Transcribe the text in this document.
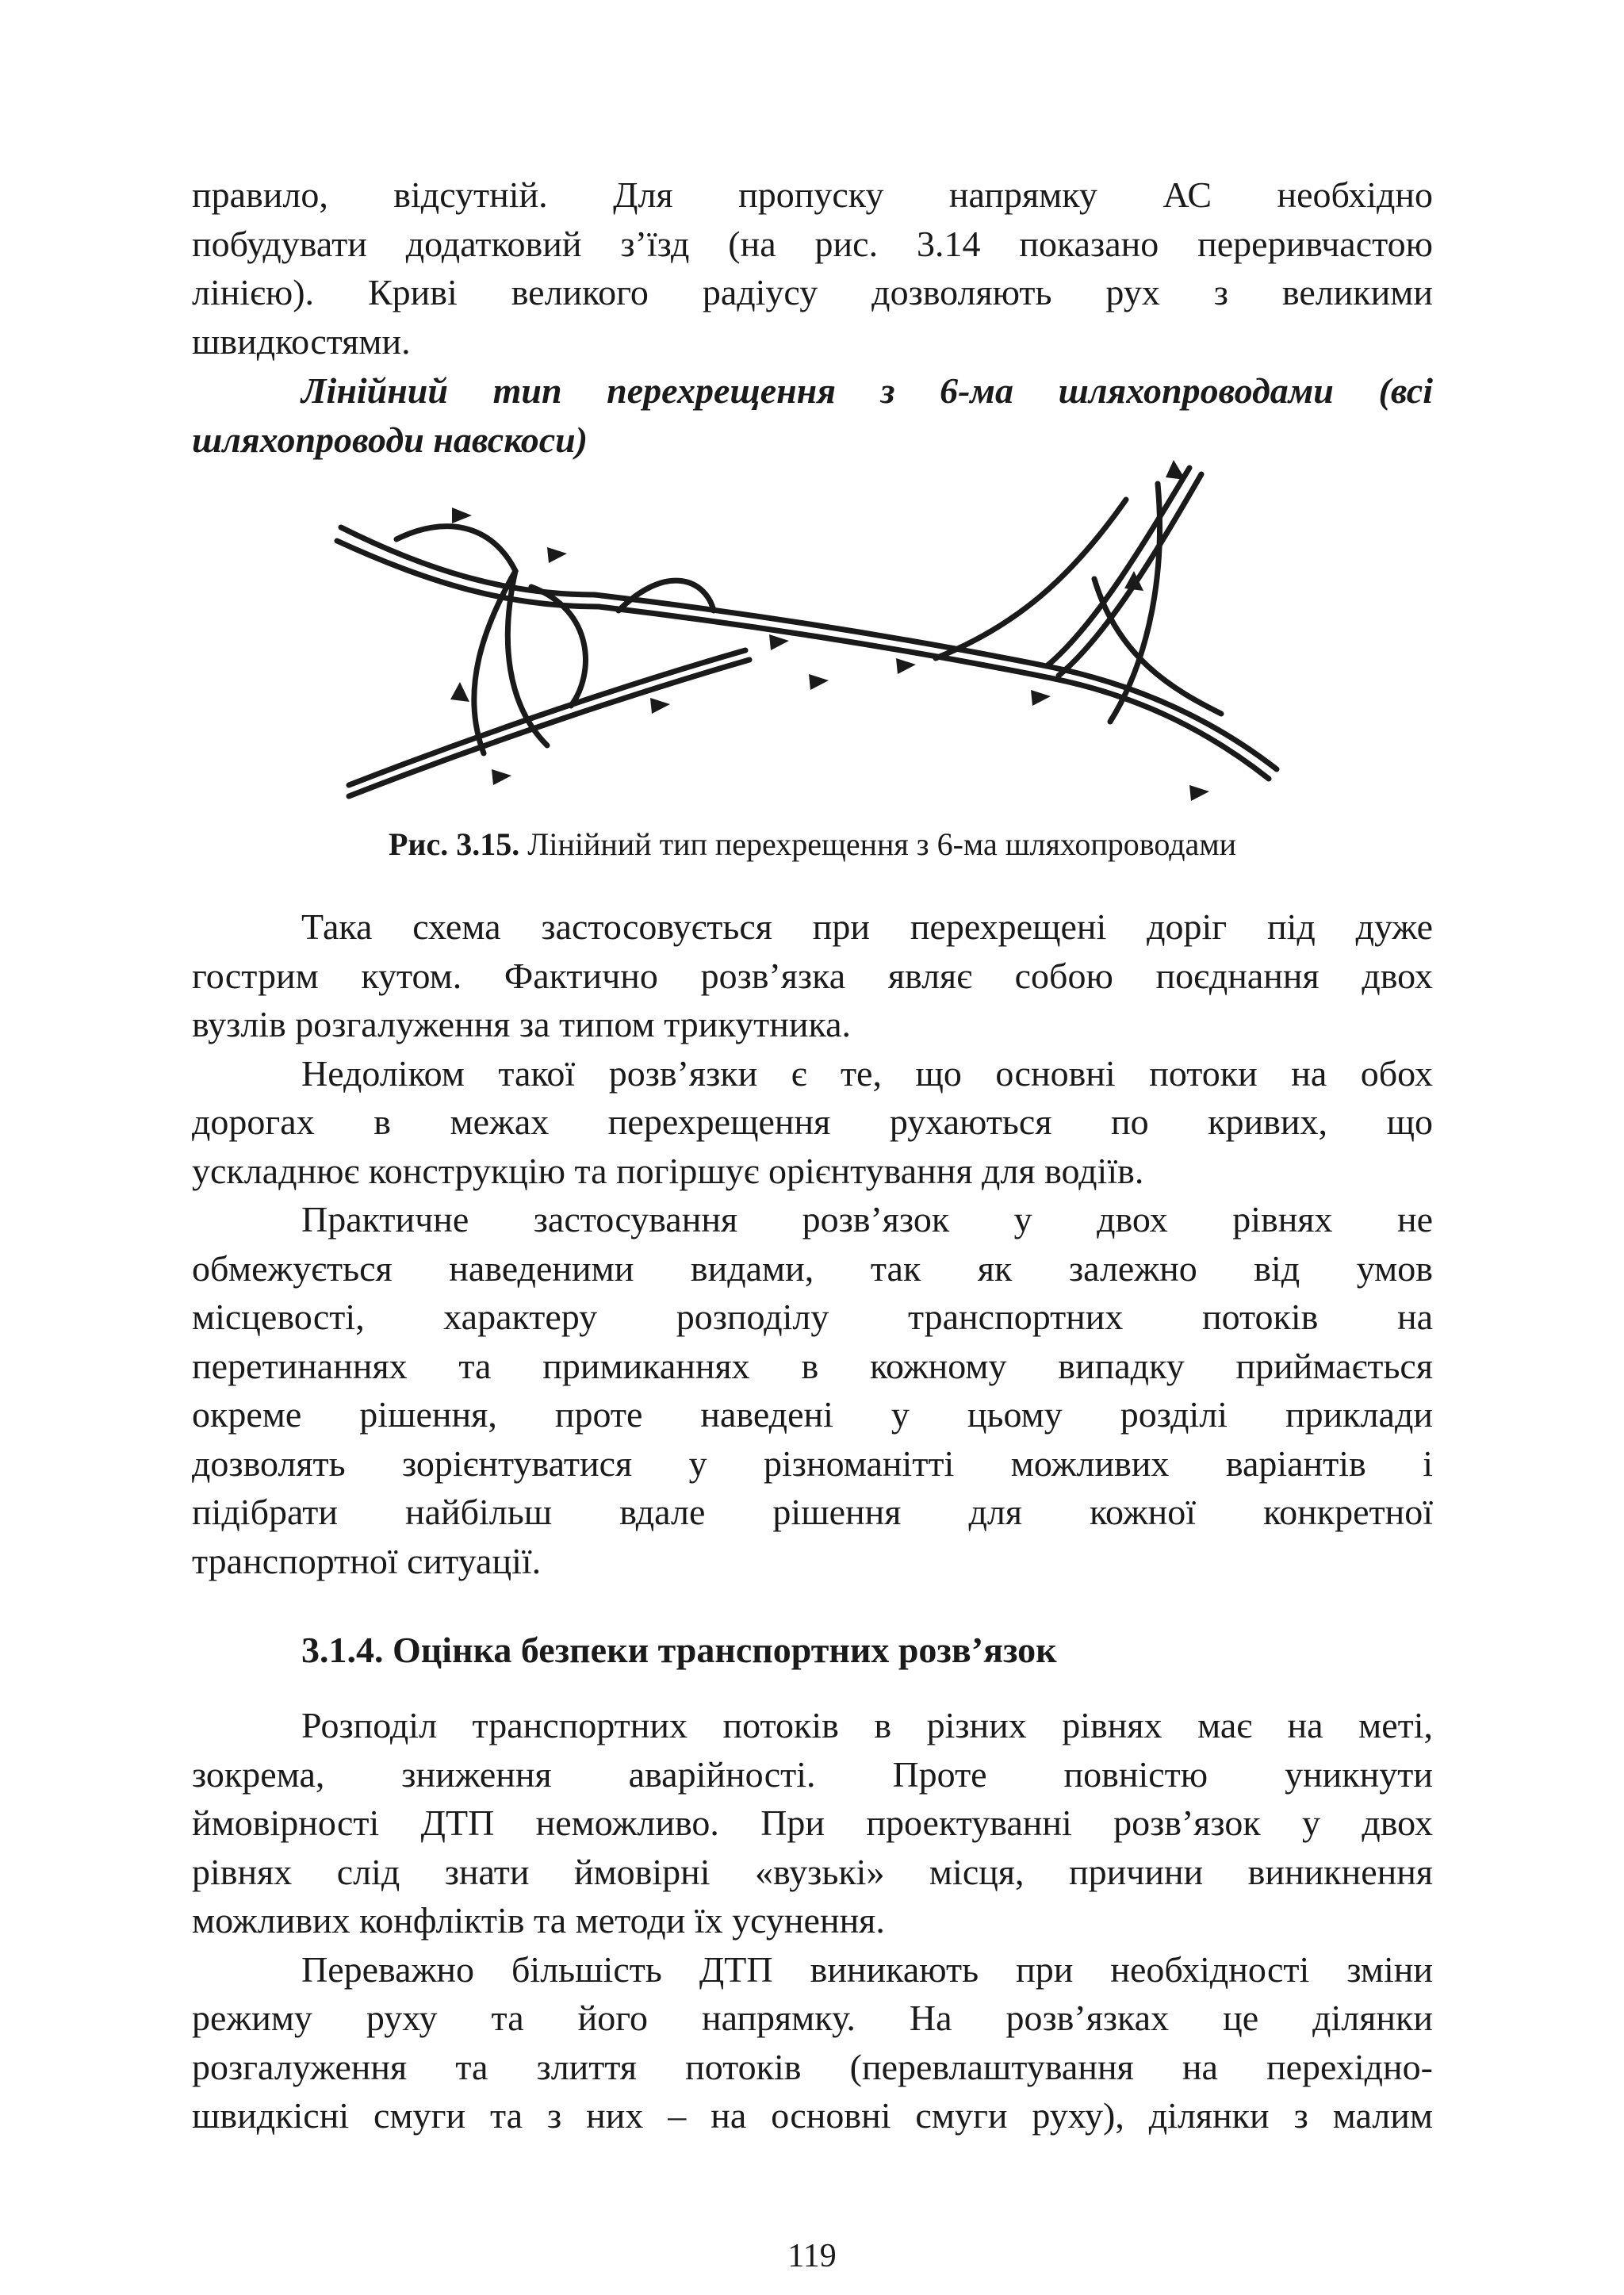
правило, відсутній. Для пропуску напрямку АС необхідно
побудувати додатковий з’їзд (на рис. 3.14 показано переривчастою
лінією). Криві великого радіусу дозволяють рух з великими
швидкостями.

Лінійний тип перехрещення з 6-ма шляхопроводами (всі
шляхопроводи навскоси)
Рис. 3.15. Лінійний тип перехрещення з 6-ма шляхопроводами

Така схема застосовується при перехрещені доріг під дуже
гострим кутом. Фактично розв’язка являє собою поєднання двох
вузлів розгалуження за типом трикутника.

Недоліком такої розв’язки є те, що основні потоки на обох
дорогах в межах перехрещення рухаються по кривих, що
ускладнює конструкцію та погіршує орієнтування для водіїв.

Практичне застосування розв’язок у двох рівнях не
обмежується наведеними видами, так як залежно від умов
місцевості, характеру розподілу транспортних потоків на
перетинаннях та примиканнях в кожному випадку приймається
окреме рішення, проте наведені у цьому розділі приклади
дозволять зорієнтуватися у різноманітті можливих варіантів і
підібрати найбільш вдале рішення для кожної конкретної
транспортної ситуації.

3.1.4. Оцінка безпеки транспортних розв’язок

Розподіл транспортних потоків в різних рівнях має на меті,
зокрема, зниження аварійності. Проте повністю уникнути
ймовірності ДТП неможливо. При проектуванні розв’язок у двох
рівнях слід знати ймовірні «вузькі» місця, причини виникнення
можливих конфліктів та методи їх усунення.

Переважно більшість ДТП виникають при необхідності зміни
режиму руху та його напрямку. На розв’язках це ділянки
розгалуження та злиття потоків (перевлаштування на перехідно-
швидкісні смуги та з них – на основні смуги руху), ділянки з малим

119
